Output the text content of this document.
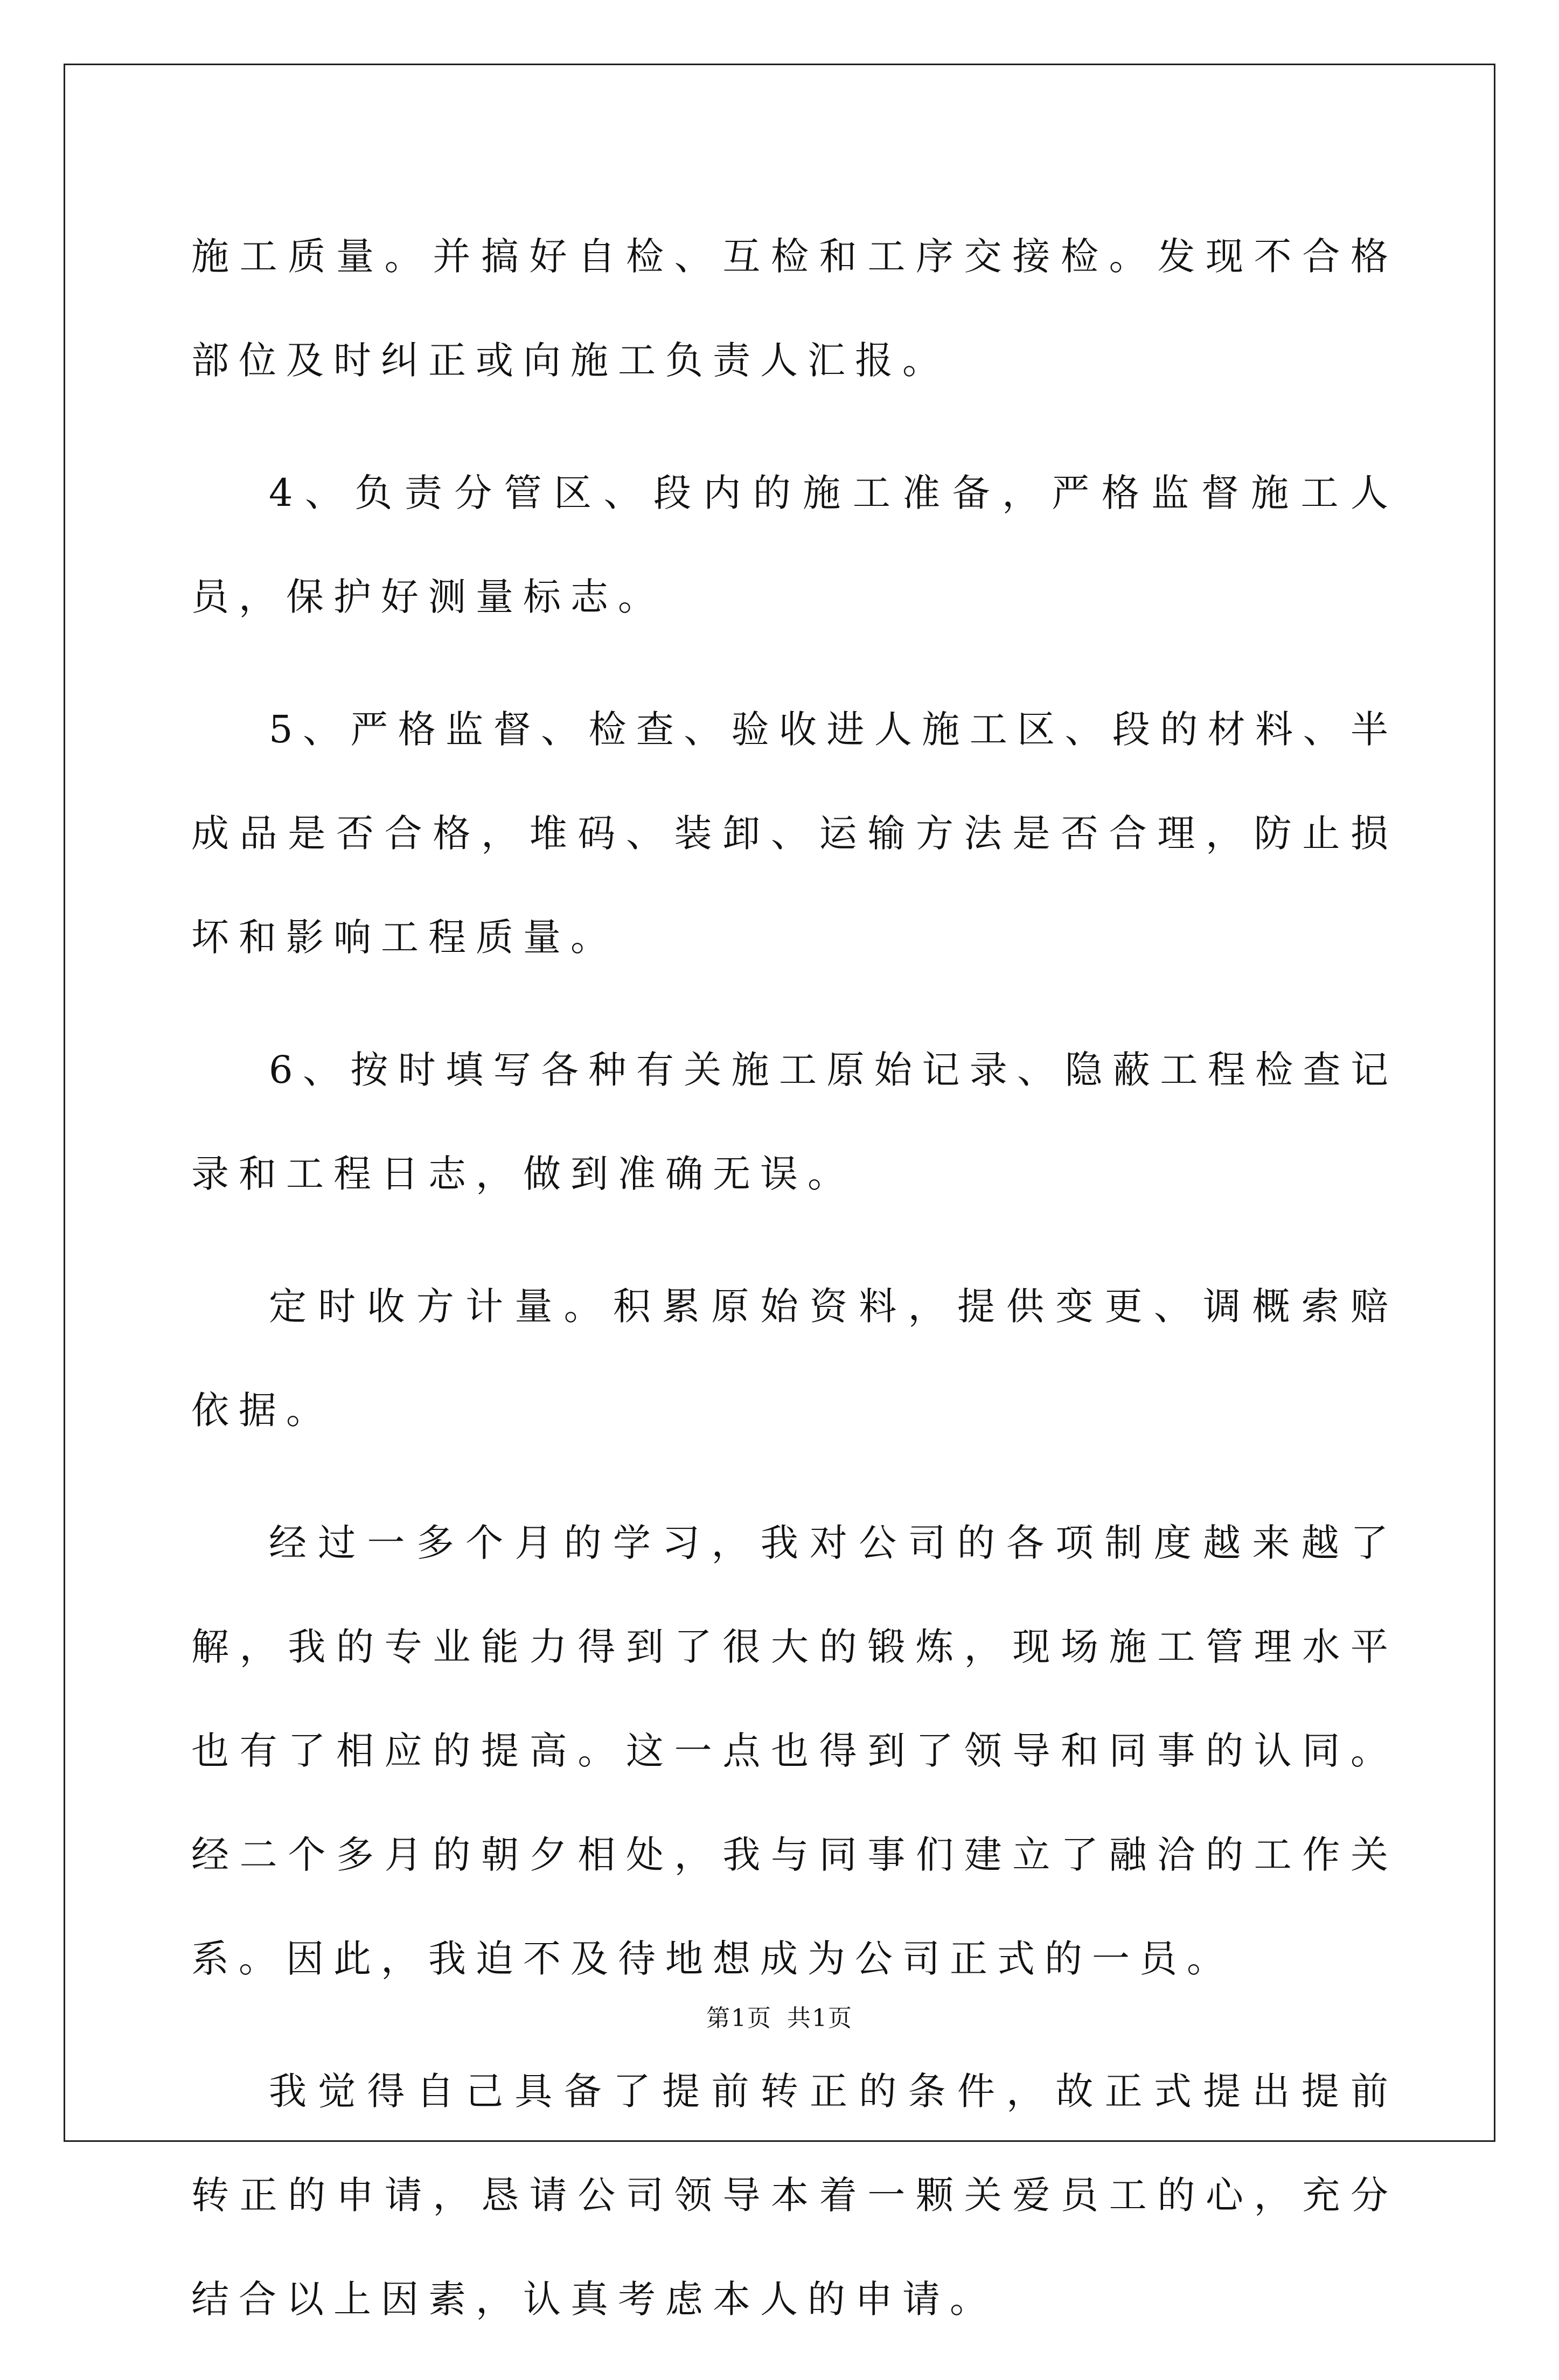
施工质量。并搞好自检、互检和工序交接检。发现不合格部位及时纠正或向施工负责人汇报。

4、负责分管区、段内的施工准备，严格监督施工人员，保护好测量标志。

5、严格监督、检查、验收进人施工区、段的材料、半成品是否合格，堆码、装卸、运输方法是否合理，防止损坏和影响工程质量。

6、按时填写各种有关施工原始记录、隐蔽工程检查记录和工程日志，做到准确无误。

定时收方计量。积累原始资料，提供变更、调概索赔依据。

经过一多个月的学习，我对公司的各项制度越来越了解，我的专业能力得到了很大的锻炼，现场施工管理水平也有了相应的提高。这一点也得到了领导和同事的认同。经二个多月的朝夕相处，我与同事们建立了融洽的工作关系。因此，我迫不及待地想成为公司正式的一员。

我觉得自己具备了提前转正的条件，故正式提出提前转正的申请，恳请公司领导本着一颗关爱员工的心，充分结合以上因素，认真考虑本人的申请。

第1页 共1页
